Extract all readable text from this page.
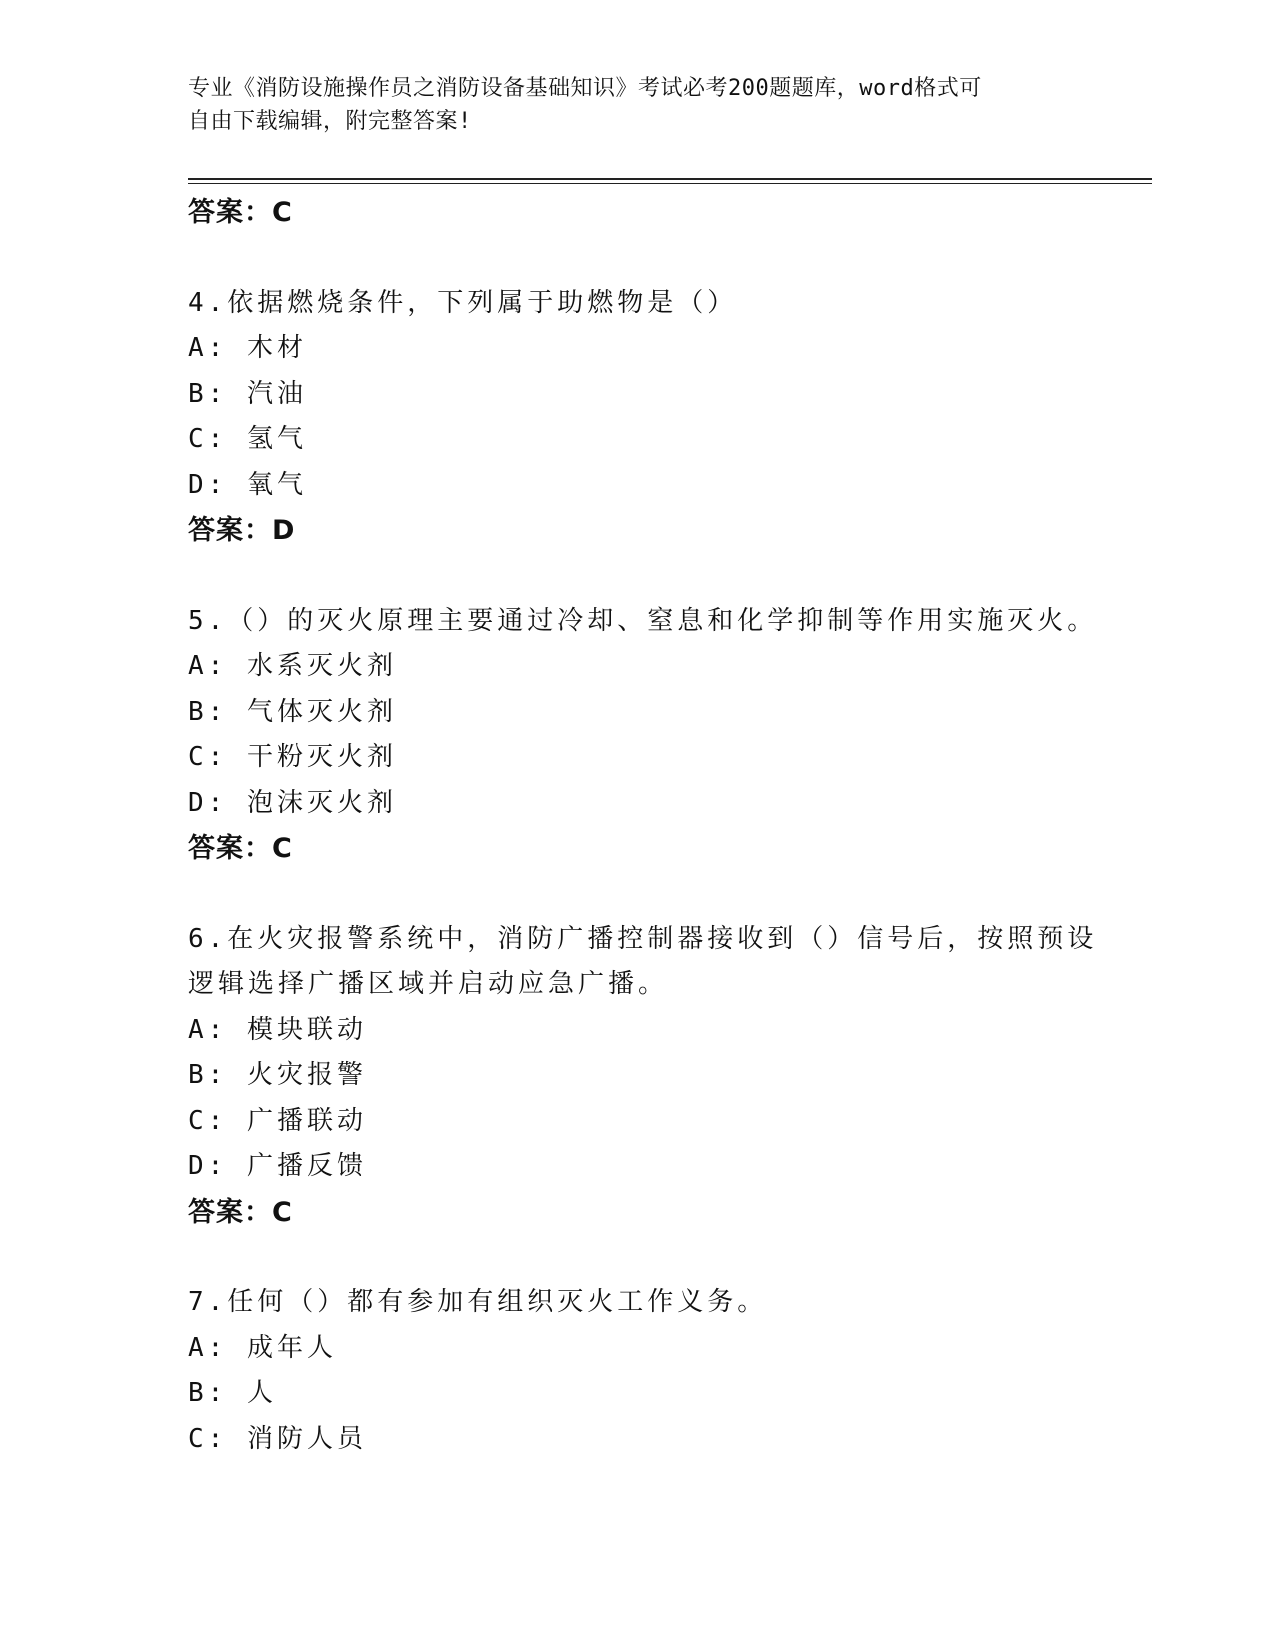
专业《消防设施操作员之消防设备基础知识》考试必考200题题库，word格式可
自由下载编辑，附完整答案!
答案：C
4.依据燃烧条件，下列属于助燃物是（）
A: 木材
B: 汽油
C: 氢气
D: 氧气
答案：D
5.（）的灭火原理主要通过冷却、窒息和化学抑制等作用实施灭火。
A: 水系灭火剂
B: 气体灭火剂
C: 干粉灭火剂
D: 泡沫灭火剂
答案：C
6.在火灾报警系统中，消防广播控制器接收到（）信号后，按照预设
逻辑选择广播区域并启动应急广播。
A: 模块联动
B: 火灾报警
C: 广播联动
D: 广播反馈
答案：C
7.任何（）都有参加有组织灭火工作义务。
A: 成年人
B: 人
C: 消防人员
